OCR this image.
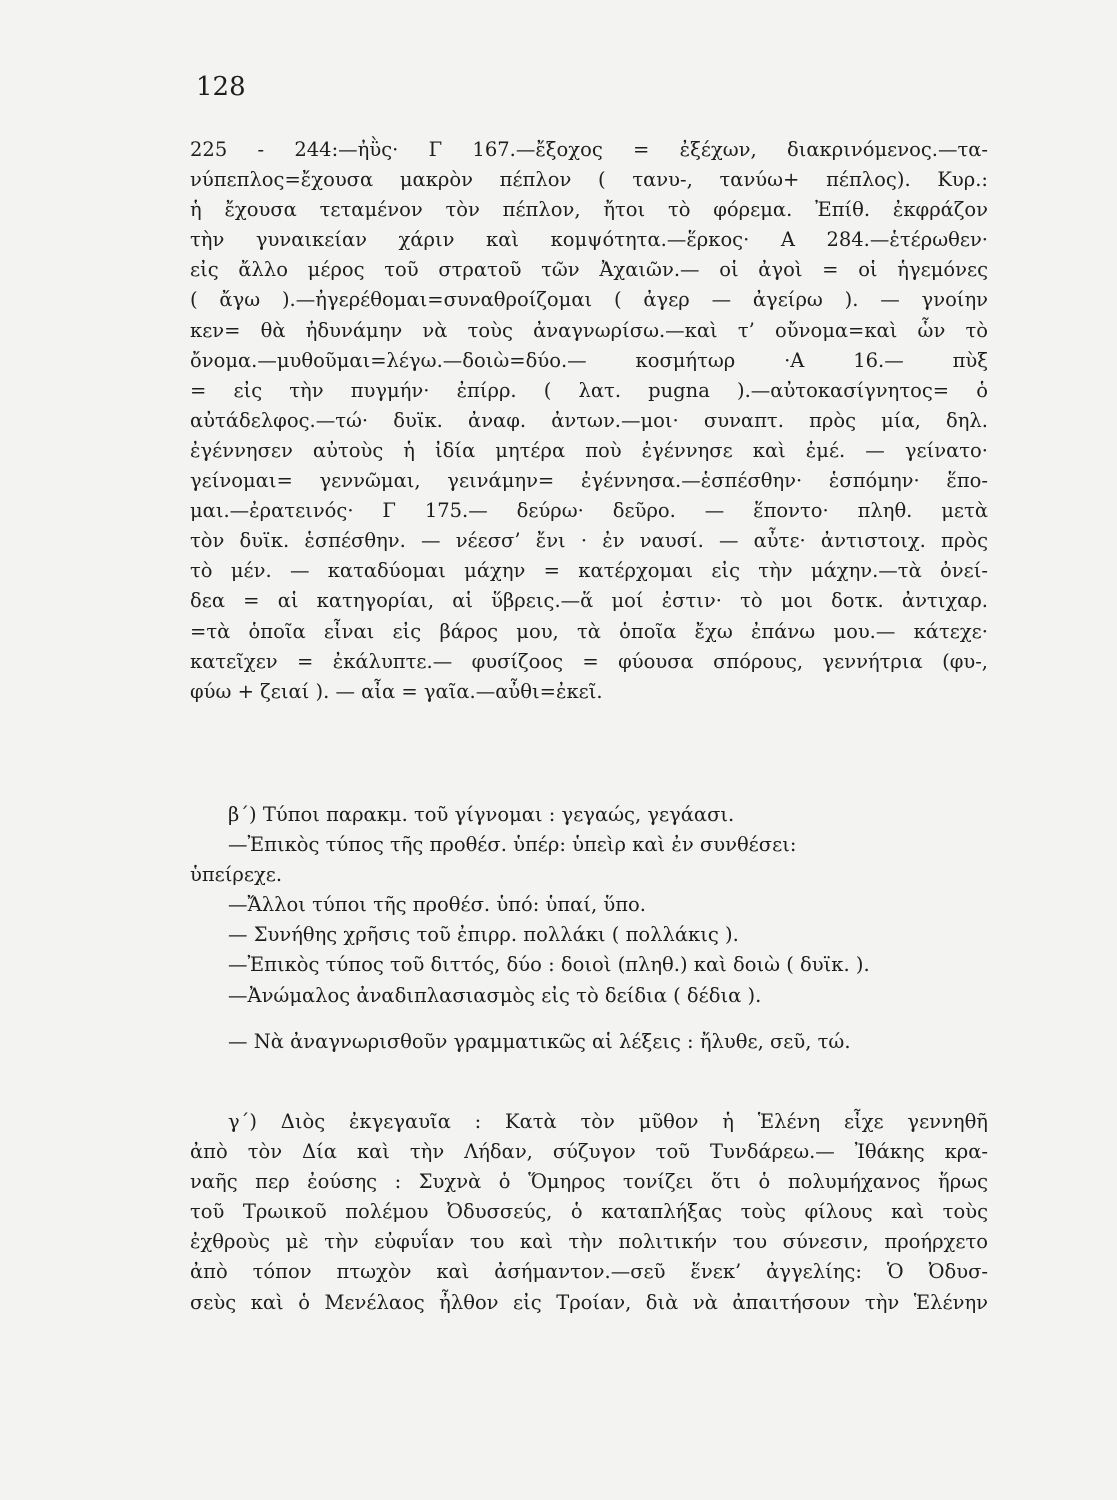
128
225 - 244:—ἠῢς· Γ 167.—ἔξοχος = ἐξέχων, διακρινόμενος.—τα-
νύπεπλος=ἔχουσα μακρὸν πέπλον ( τανυ-, τανύω+ πέπλος). Κυρ.:
ἡ ἔχουσα τεταμένον τὸν πέπλον, ἤτοι τὸ φόρεμα. Ἐπίθ. ἐκφράζον
τὴν γυναικείαν χάριν καὶ κομψότητα.—ἕρκος· Α 284.—ἑτέρωθεν·
εἰς ἄλλο μέρος τοῦ στρατοῦ τῶν Ἀχαιῶν.— οἱ ἀγοὶ = οἱ ἡγεμόνες
( ἄγω ).—ἠγερέθομαι=συναθροίζομαι ( ἀγερ — ἀγείρω ). — γνοίην
κεν= θὰ ἠδυνάμην νὰ τοὺς ἀναγνωρίσω.—καὶ τ’ οὔνομα=καὶ ὧν τὸ
ὄνομα.—μυθοῦμαι=λέγω.—δοιὼ=δύο.— κοσμήτωρ ·Α 16.— πὺξ
= εἰς τὴν πυγμήν· ἐπίρρ. ( λατ. pugna ).—αὐτοκασίγνητος= ὁ
αὐτάδελφος.—τώ· δυϊκ. ἀναφ. ἀντων.—μοι· συναπτ. πρὸς μία, δηλ.
ἐγέννησεν αὐτοὺς ἡ ἰδία μητέρα ποὺ ἐγέννησε καὶ ἐμέ. — γείνατο·
γείνομαι= γεννῶμαι, γεινάμην= ἐγέννησα.—ἑσπέσθην· ἑσπόμην· ἕπο-
μαι.—ἐρατεινός· Γ 175.— δεύρω· δεῦρο. — ἕποντο· πληθ. μετὰ
τὸν δυϊκ. ἑσπέσθην. — νέεσσ’ ἔνι · ἐν ναυσί. — αὖτε· ἀντιστοιχ. πρὸς
τὸ μέν. — καταδύομαι μάχην = κατέρχομαι εἰς τὴν μάχην.—τὰ ὀνεί-
δεα = αἱ κατηγορίαι, αἱ ὕβρεις.—ἅ μοί ἐστιν· τὸ μοι δοτκ. ἀντιχαρ.
=τὰ ὁποῖα εἶναι εἰς βάρος μου, τὰ ὁποῖα ἔχω ἐπάνω μου.— κάτεχε·
κατεῖχεν = ἐκάλυπτε.— φυσίζοος = φύουσα σπόρους, γεννήτρια (φυ-,
φύω + ζειαί ). — αἶα = γαῖα.—αὖθι=ἐκεῖ.
β΄) Τύποι παρακμ. τοῦ γίγνομαι : γεγαώς, γεγάασι.
—Ἐπικὸς τύπος τῆς προθέσ. ὑπέρ: ὑπεὶρ καὶ ἐν συνθέσει:
ὑπείρεχε.
—Ἄλλοι τύποι τῆς προθέσ. ὑπό: ὑπαί, ὕπο.
— Συνήθης χρῆσις τοῦ ἐπιρρ. πολλάκι ( πολλάκις ).
—Ἐπικὸς τύπος τοῦ διττός, δύο : δοιοὶ (πληθ.) καὶ δοιὼ ( δυϊκ. ).
—Ἀνώμαλος ἀναδιπλασιασμὸς εἰς τὸ δείδια ( δέδια ).
— Νὰ ἀναγνωρισθοῦν γραμματικῶς αἱ λέξεις : ἤλυθε, σεῦ, τώ.
γ΄) Διὸς ἐκγεγαυῖα : Κατὰ τὸν μῦθον ἡ Ἑλένη εἶχε γεννηθῆ
ἀπὸ τὸν Δία καὶ τὴν Λήδαν, σύζυγον τοῦ Τυνδάρεω.— Ἰθάκης κρα-
ναῆς περ ἐούσης : Συχνὰ ὁ Ὅμηρος τονίζει ὅτι ὁ πολυμήχανος ἥρως
τοῦ Τρωικοῦ πολέμου Ὀδυσσεύς, ὁ καταπλήξας τοὺς φίλους καὶ τοὺς
ἐχθροὺς μὲ τὴν εὐφυΐαν του καὶ τὴν πολιτικήν του σύνεσιν, προήρχετο
ἀπὸ τόπον πτωχὸν καὶ ἀσήμαντον.—σεῦ ἕνεκ’ ἀγγελίης: Ὁ Ὀδυσ-
σεὺς καὶ ὁ Μενέλαος ἦλθον εἰς Τροίαν, διὰ νὰ ἀπαιτήσουν τὴν Ἑλένην
